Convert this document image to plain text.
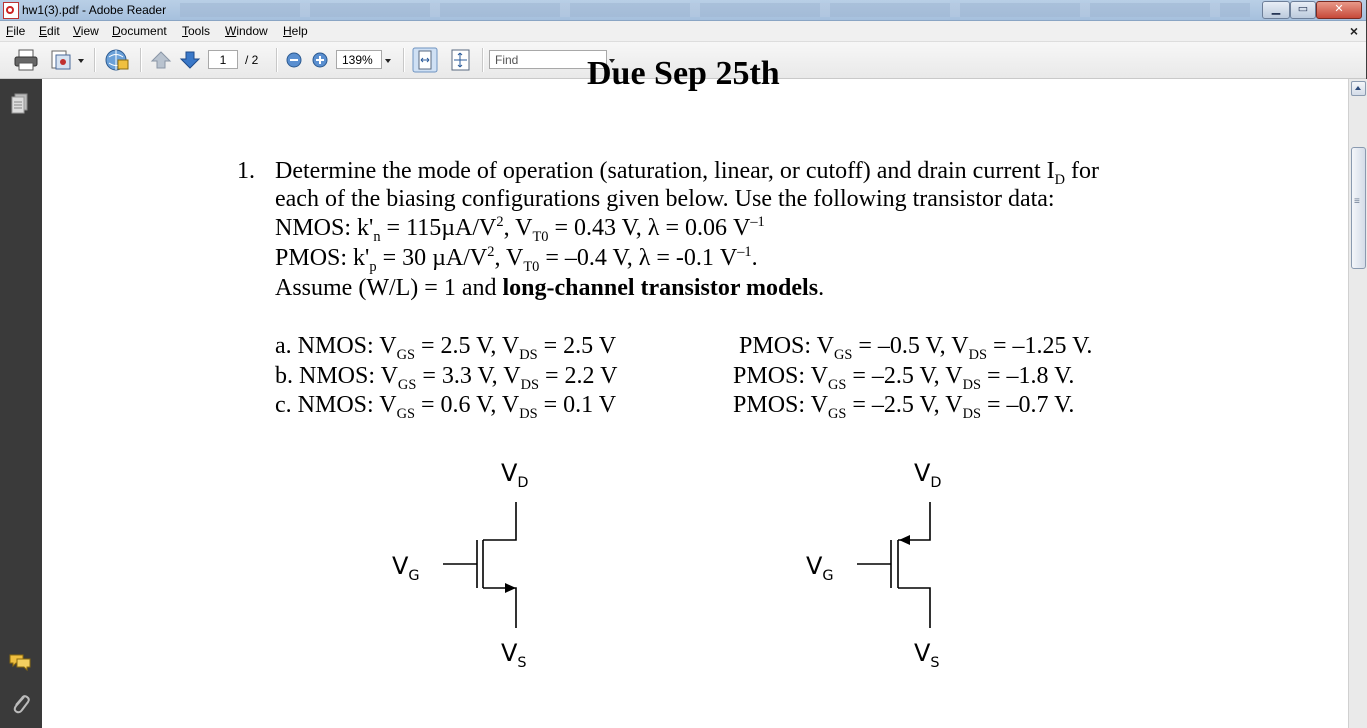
hw1(3).pdf - Adobe Reader	▁	▭	✕
File Edit View Document Tools Window Help	×
1	/ 2	139%	Find	Due Sep 25th
1. Determine the mode of operation (saturation, linear, or cutoff) and drain current $I_D$ for
each of the biasing configurations given below. Use the following transistor data:
NMOS: $k'_n = 115\mu A/V^2$, $V_{T0} = 0.43$ V, λ = 0.06 $V^{-1}$
PMOS: $k'_p = 30$ $\mu A/V^2$, $V_{T0} = -0.4$ V, λ = -0.1 $V^{-1}$.
Assume (W/L) = 1 and long-channel transistor models.
a. NMOS: $V_{GS} = 2.5$ V, $V_{DS} = 2.5$ V	PMOS: $V_{GS} = -0.5$ V, $V_{DS} = -1.25$ V.
b. NMOS: $V_{GS} = 3.3$ V, $V_{DS} = 2.2$ V	PMOS: $V_{GS} = -2.5$ V, $V_{DS} = -1.8$ V.
c. NMOS: $V_{GS} = 0.6$ V, $V_{DS} = 0.1$ V	PMOS: $V_{GS} = -2.5$ V, $V_{DS} = -0.7$ V.
$V_D$
$V_G$
$V_S$
$V_D$
$V_G$
$V_S$
≡
